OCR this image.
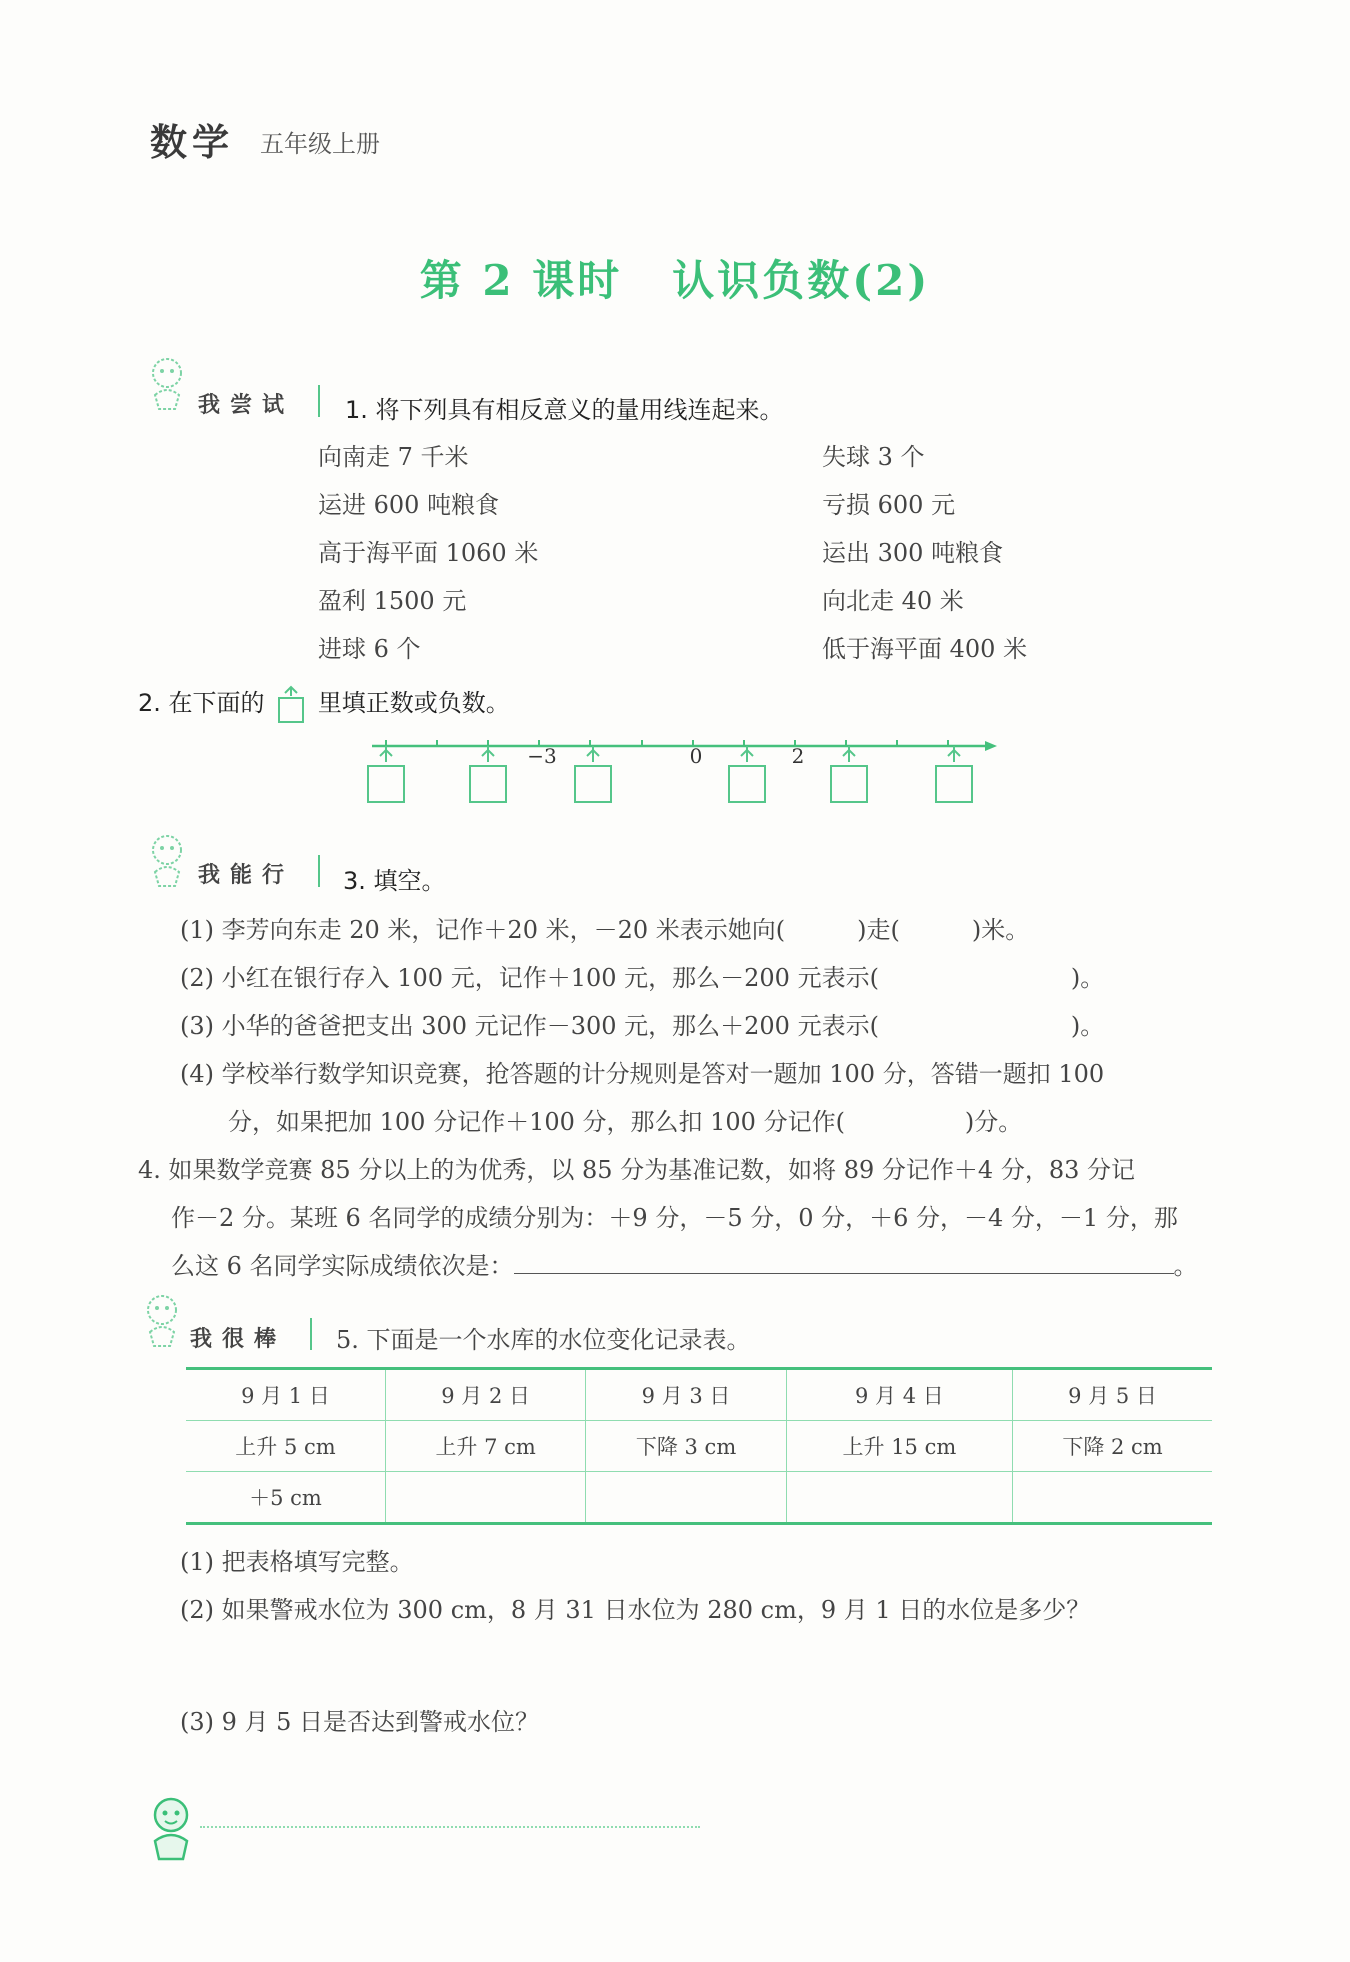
数学 五年级上册
第 2 课时 认识负数(2)
我尝试 1. 将下列具有相反意义的量用线连起来。
向南走 7 千米
运进 600 吨粮食
高于海平面 1060 米
盈利 1500 元
进球 6 个
失球 3 个
亏损 600 元
运出 300 吨粮食
向北走 40 米
低于海平面 400 米
2. 在下面的 里填正数或负数。
−3	0	2
我能行 3. 填空。
(1) 李芳向东走 20 米，记作＋20 米，－20 米表示她向(　　　)走(　　　)米。
(2) 小红在银行存入 100 元，记作＋100 元，那么－200 元表示(　　　　　　　　)。
(3) 小华的爸爸把支出 300 元记作－300 元，那么＋200 元表示(　　　　　　　　)。
(4) 学校举行数学知识竞赛，抢答题的计分规则是答对一题加 100 分，答错一题扣 100
分，如果把加 100 分记作＋100 分，那么扣 100 分记作(　　　　　)分。
4. 如果数学竞赛 85 分以上的为优秀，以 85 分为基准记数，如将 89 分记作＋4 分，83 分记
作－2 分。某班 6 名同学的成绩分别为：＋9 分，－5 分，0 分，＋6 分，－4 分，－1 分，那
么这 6 名同学实际成绩依次是：	。
我很棒 5. 下面是一个水库的水位变化记录表。
9 月 1 日	9 月 2 日	9 月 3 日	9 月 4 日	9 月 5 日
上升 5 cm	上升 7 cm	下降 3 cm	上升 15 cm	下降 2 cm
＋5 cm				
(1) 把表格填写完整。
(2) 如果警戒水位为 300 cm，8 月 31 日水位为 280 cm，9 月 1 日的水位是多少？
(3) 9 月 5 日是否达到警戒水位？
